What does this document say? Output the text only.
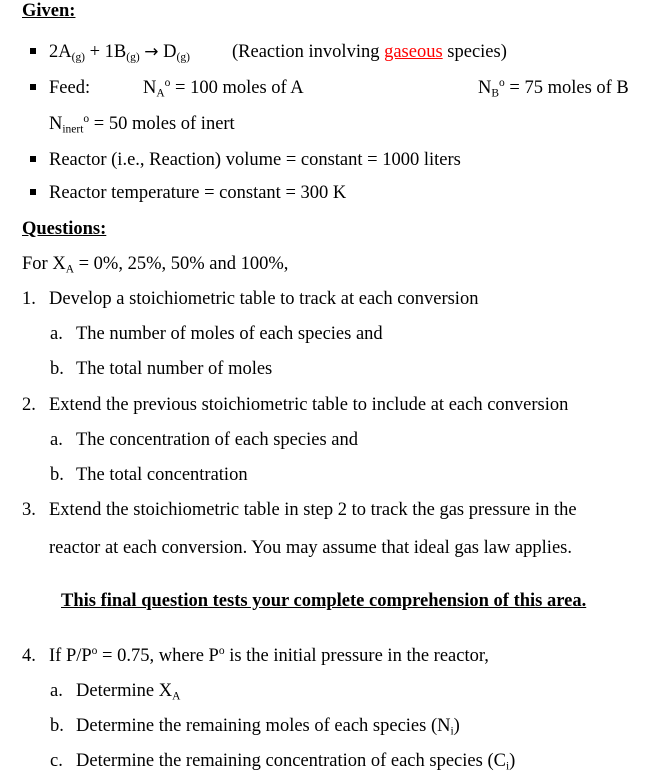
Given:
$2A_{(g)} + 1B_{(g)} \to D_{(g)}$ (Reaction involving gaseous species)
Feed:	$N_A^o = 100$ moles of A	$N_B^o = 75$ moles of B
$N_{inert}^o = 50$ moles of inert
Reactor (i.e., Reaction) volume = constant = 1000 liters
Reactor temperature = constant = 300 K
Questions:
For $X_A = 0\%$, 25%, 50% and 100%,
1. Develop a stoichiometric table to track at each conversion
a. The number of moles of each species and
b. The total number of moles
2. Extend the previous stoichiometric table to include at each conversion
a. The concentration of each species and
b. The total concentration
3. Extend the stoichiometric table in step 2 to track the gas pressure in the
reactor at each conversion. You may assume that ideal gas law applies.
This final question tests your complete comprehension of this area.
4. If $P/P^o = 0.75$, where $P^o$ is the initial pressure in the reactor,
a. Determine $X_A$
b. Determine the remaining moles of each species $(N_i)$
c. Determine the remaining concentration of each species $(C_i)$
